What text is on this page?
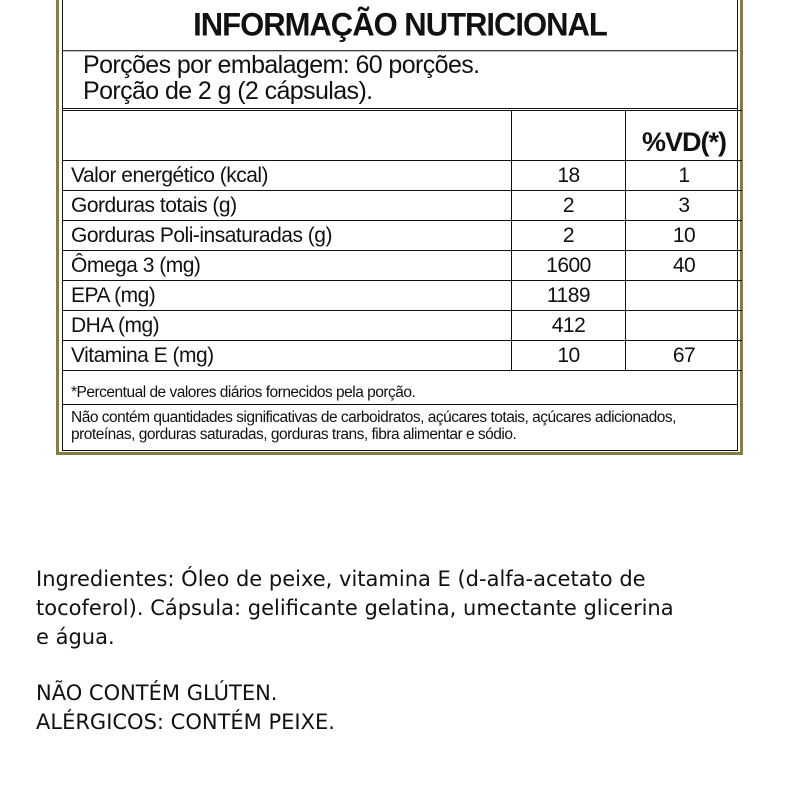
INFORMAÇÃO NUTRICIONAL
Porções por embalagem: 60 porções.
Porção de 2 g (2 cápsulas).
		%VD(*)
Valor energético (kcal)	18	1
Gorduras totais (g)	2	3
Gorduras Poli-insaturadas (g)	2	10
Ômega 3 (mg)	1600	40
EPA (mg)	1189	
DHA (mg)	412	
Vitamina E (mg)	10	67
*Percentual de valores diários fornecidos pela porção.
Não contém quantidades significativas de carboidratos, açúcares totais, açúcares adicionados,
proteínas, gorduras saturadas, gorduras trans, fibra alimentar e sódio.
Ingredientes: Óleo de peixe, vitamina E (d-alfa-acetato de
tocoferol). Cápsula: gelificante gelatina, umectante glicerina
e água.
NÃO CONTÉM GLÚTEN.
ALÉRGICOS: CONTÉM PEIXE.
